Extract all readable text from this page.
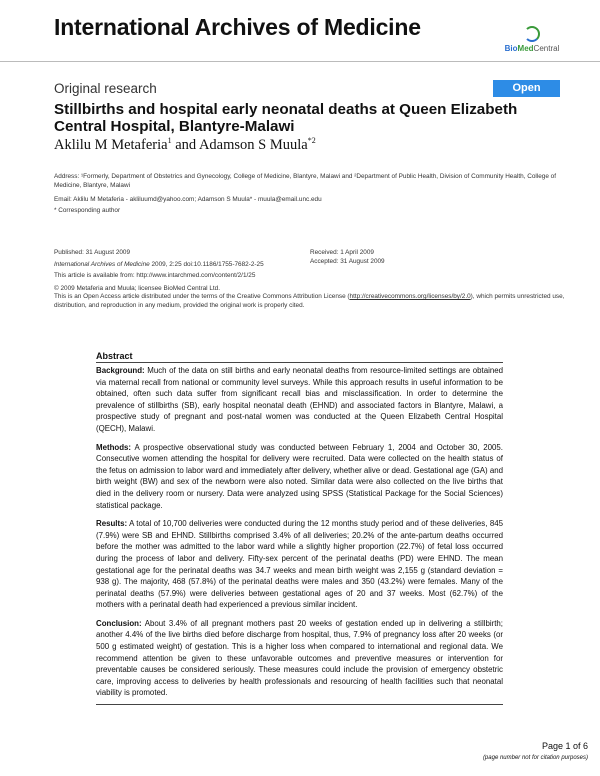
International Archives of Medicine
BioMedCentral
Original research	Open Access
Stillbirths and hospital early neonatal deaths at Queen Elizabeth Central Hospital, Blantyre-Malawi
Aklilu M Metaferia$^1$ and Adamson S Muula$^{*2}$
Address: ¹Formerly, Department of Obstetrics and Gynecology, College of Medicine, Blantyre, Malawi and ²Department of Public Health, Division of Community Health, College of Medicine, Blantyre, Malawi
Email: Aklilu M Metaferia - akliluumd@yahoo.com; Adamson S Muula* - muula@email.unc.edu
* Corresponding author
Published: 31 August 2009
International Archives of Medicine 2009, 2:25 doi:10.1186/1755-7682-2-25
This article is available from: http://www.intarchmed.com/content/2/1/25
Received: 1 April 2009
Accepted: 31 August 2009
© 2009 Metaferia and Muula; licensee BioMed Central Ltd.
This is an Open Access article distributed under the terms of the Creative Commons Attribution License (http://creativecommons.org/licenses/by/2.0), which permits unrestricted use, distribution, and reproduction in any medium, provided the original work is properly cited.
Abstract

Background: Much of the data on still births and early neonatal deaths from resource-limited settings are obtained via maternal recall from national or community level surveys. While this approach results in useful information to be obtained, often such data suffer from significant recall bias and misclassification. In order to determine the prevalence of stillbirths (SB), early hospital neonatal death (EHND) and associated factors in Blantyre, Malawi, a prospective study of pregnant and post-natal women was conducted at the Queen Elizabeth Central Hospital (QECH), Malawi.

Methods: A prospective observational study was conducted between February 1, 2004 and October 30, 2005. Consecutive women attending the hospital for delivery were recruited. Data were collected on the health status of the fetus on admission to labor ward and immediately after delivery, whether alive or dead. Gestational age (GA) and birth weight (BW) and sex of the newborn were also noted. Similar data were also collected on the live births that died in the delivery room or nursery. Data were analyzed using SPSS (Statistical Package for the Social Sciences) statistical package.

Results: A total of 10,700 deliveries were conducted during the 12 months study period and of these deliveries, 845 (7.9%) were SB and EHND. Stillbirths comprised 3.4% of all deliveries; 20.2% of the ante-partum deaths occurred before the mother was admitted to the labor ward while a slightly higher proportion (22.7%) of fetal loss occurred during the process of labor and delivery. Fifty-sex percent of the perinatal deaths (PD) were EHND. The mean gestational age for the perinatal deaths was 34.7 weeks and mean birth weight was 2,155 g (standard deviation = 938 g). The majority, 468 (57.8%) of the perinatal deaths were males and 350 (43.2%) were females. Many of the perinatal deaths (57.9%) were deliveries between gestational ages of 20 and 37 weeks. Most (62.7%) of the mothers with a perinatal death had experienced a previous similar incident.

Conclusion: About 3.4% of all pregnant mothers past 20 weeks of gestation ended up in delivering a stillbirth; another 4.4% of the live births died before discharge from hospital, thus, 7.9% of pregnancy loss after 20 weeks (or 500 g estimated weight) of gestation. This is a higher loss when compared to international and regional data. We recommend attention be given to these unfavorable outcomes and preventive measures or intervention for preventable causes be considered seriously. These measures could include the provision of emergency obstetric care, improving access to deliveries by health professionals and resourcing of health facilities such that neonatal viability is promoted.

Page 1 of 6
(page number not for citation purposes)
